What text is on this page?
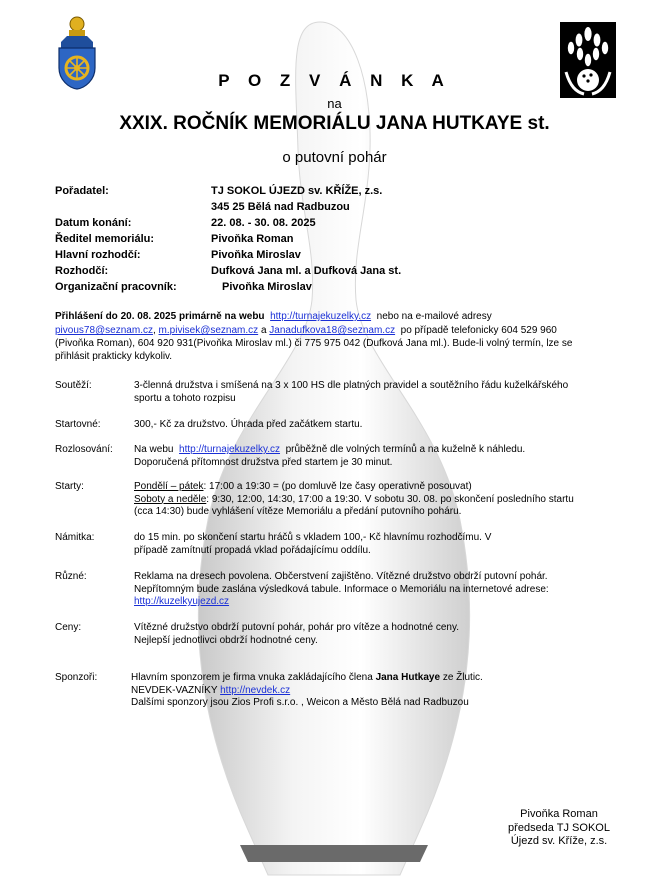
P O Z V Á N K A
na
XXIX. ROČNÍK MEMORIÁLU JANA HUTKAYE st.
o putovní pohár
Pořadatel:	TJ SOKOL ÚJEZD sv. KŘÍŽE, z.s.
345 25 Bělá nad Radbuzou
Datum konání:	22. 08. - 30. 08. 2025
Ředitel memoriálu:	Pivoňka Roman
Hlavní rozhodčí:	Pivoňka Miroslav
Rozhodčí:	Dufková Jana ml. a Dufková Jana st.
Organizační pracovník:	Pivoňka Miroslav
Přihlášení do 20. 08. 2025 primárně na webu http://turnajekuzelky.cz nebo na e-mailové adresy
pivous78@seznam.cz, m.pivisek@seznam.cz a Janadufkova18@seznam.cz po případě telefonicky 604 529 960
(Pivoňka Roman), 604 920 931(Pivoňka Miroslav ml.) či 775 975 042 (Dufková Jana ml.). Bude-li volný termín, lze se
přihlásit prakticky kdykoliv.
Soutěží:	3-členná družstva i smíšená na 3 x 100 HS dle platných pravidel a soutěžního řádu kuželkářského
sportu a tohoto rozpisu
Startovné:	300,- Kč za družstvo. Úhrada před začátkem startu.
Rozlosování: Na webu http://turnajekuzelky.cz průběžně dle volných termínů a na kuželně k náhledu.
Doporučená přítomnost družstva před startem je 30 minut.
Starty:	Pondělí – pátek: 17:00 a 19:30 = (po domluvě lze časy operativně posouvat)
Soboty a neděle: 9:30, 12:00, 14:30, 17:00 a 19:30. V sobotu 30. 08. po skončení posledního startu
(cca 14:30) bude vyhlášení vítěze Memoriálu a předání putovního poháru.
Námitka:	do 15 min. po skončení startu hráčů s vkladem 100,- Kč hlavnímu rozhodčímu. V
případě zamítnutí propadá vklad pořádajícímu oddílu.
Různé:	Reklama na dresech povolena. Občerstvení zajištěno. Vítězné družstvo obdrží putovní pohár.
Nepřítomným bude zaslána výsledková tabule. Informace o Memoriálu na internetové adrese:
http://kuzelkyujezd.cz
Ceny:	Vítězné družstvo obdrží putovní pohár, pohár pro vítěze a hodnotné ceny.
Nejlepší jednotlivci obdrží hodnotné ceny.
Sponzoři:	Hlavním sponzorem je firma vnuka zakládajícího člena Jana Hutkaye ze Žlutic.
NEVDEK-VAZNÍKY http://nevdek.cz
Dalšími sponzory jsou Zios Profi s.r.o. , Weicon a Město Bělá nad Radbuzou
Pivoňka Roman
předseda TJ SOKOL
Újezd sv. Kříže, z.s.
